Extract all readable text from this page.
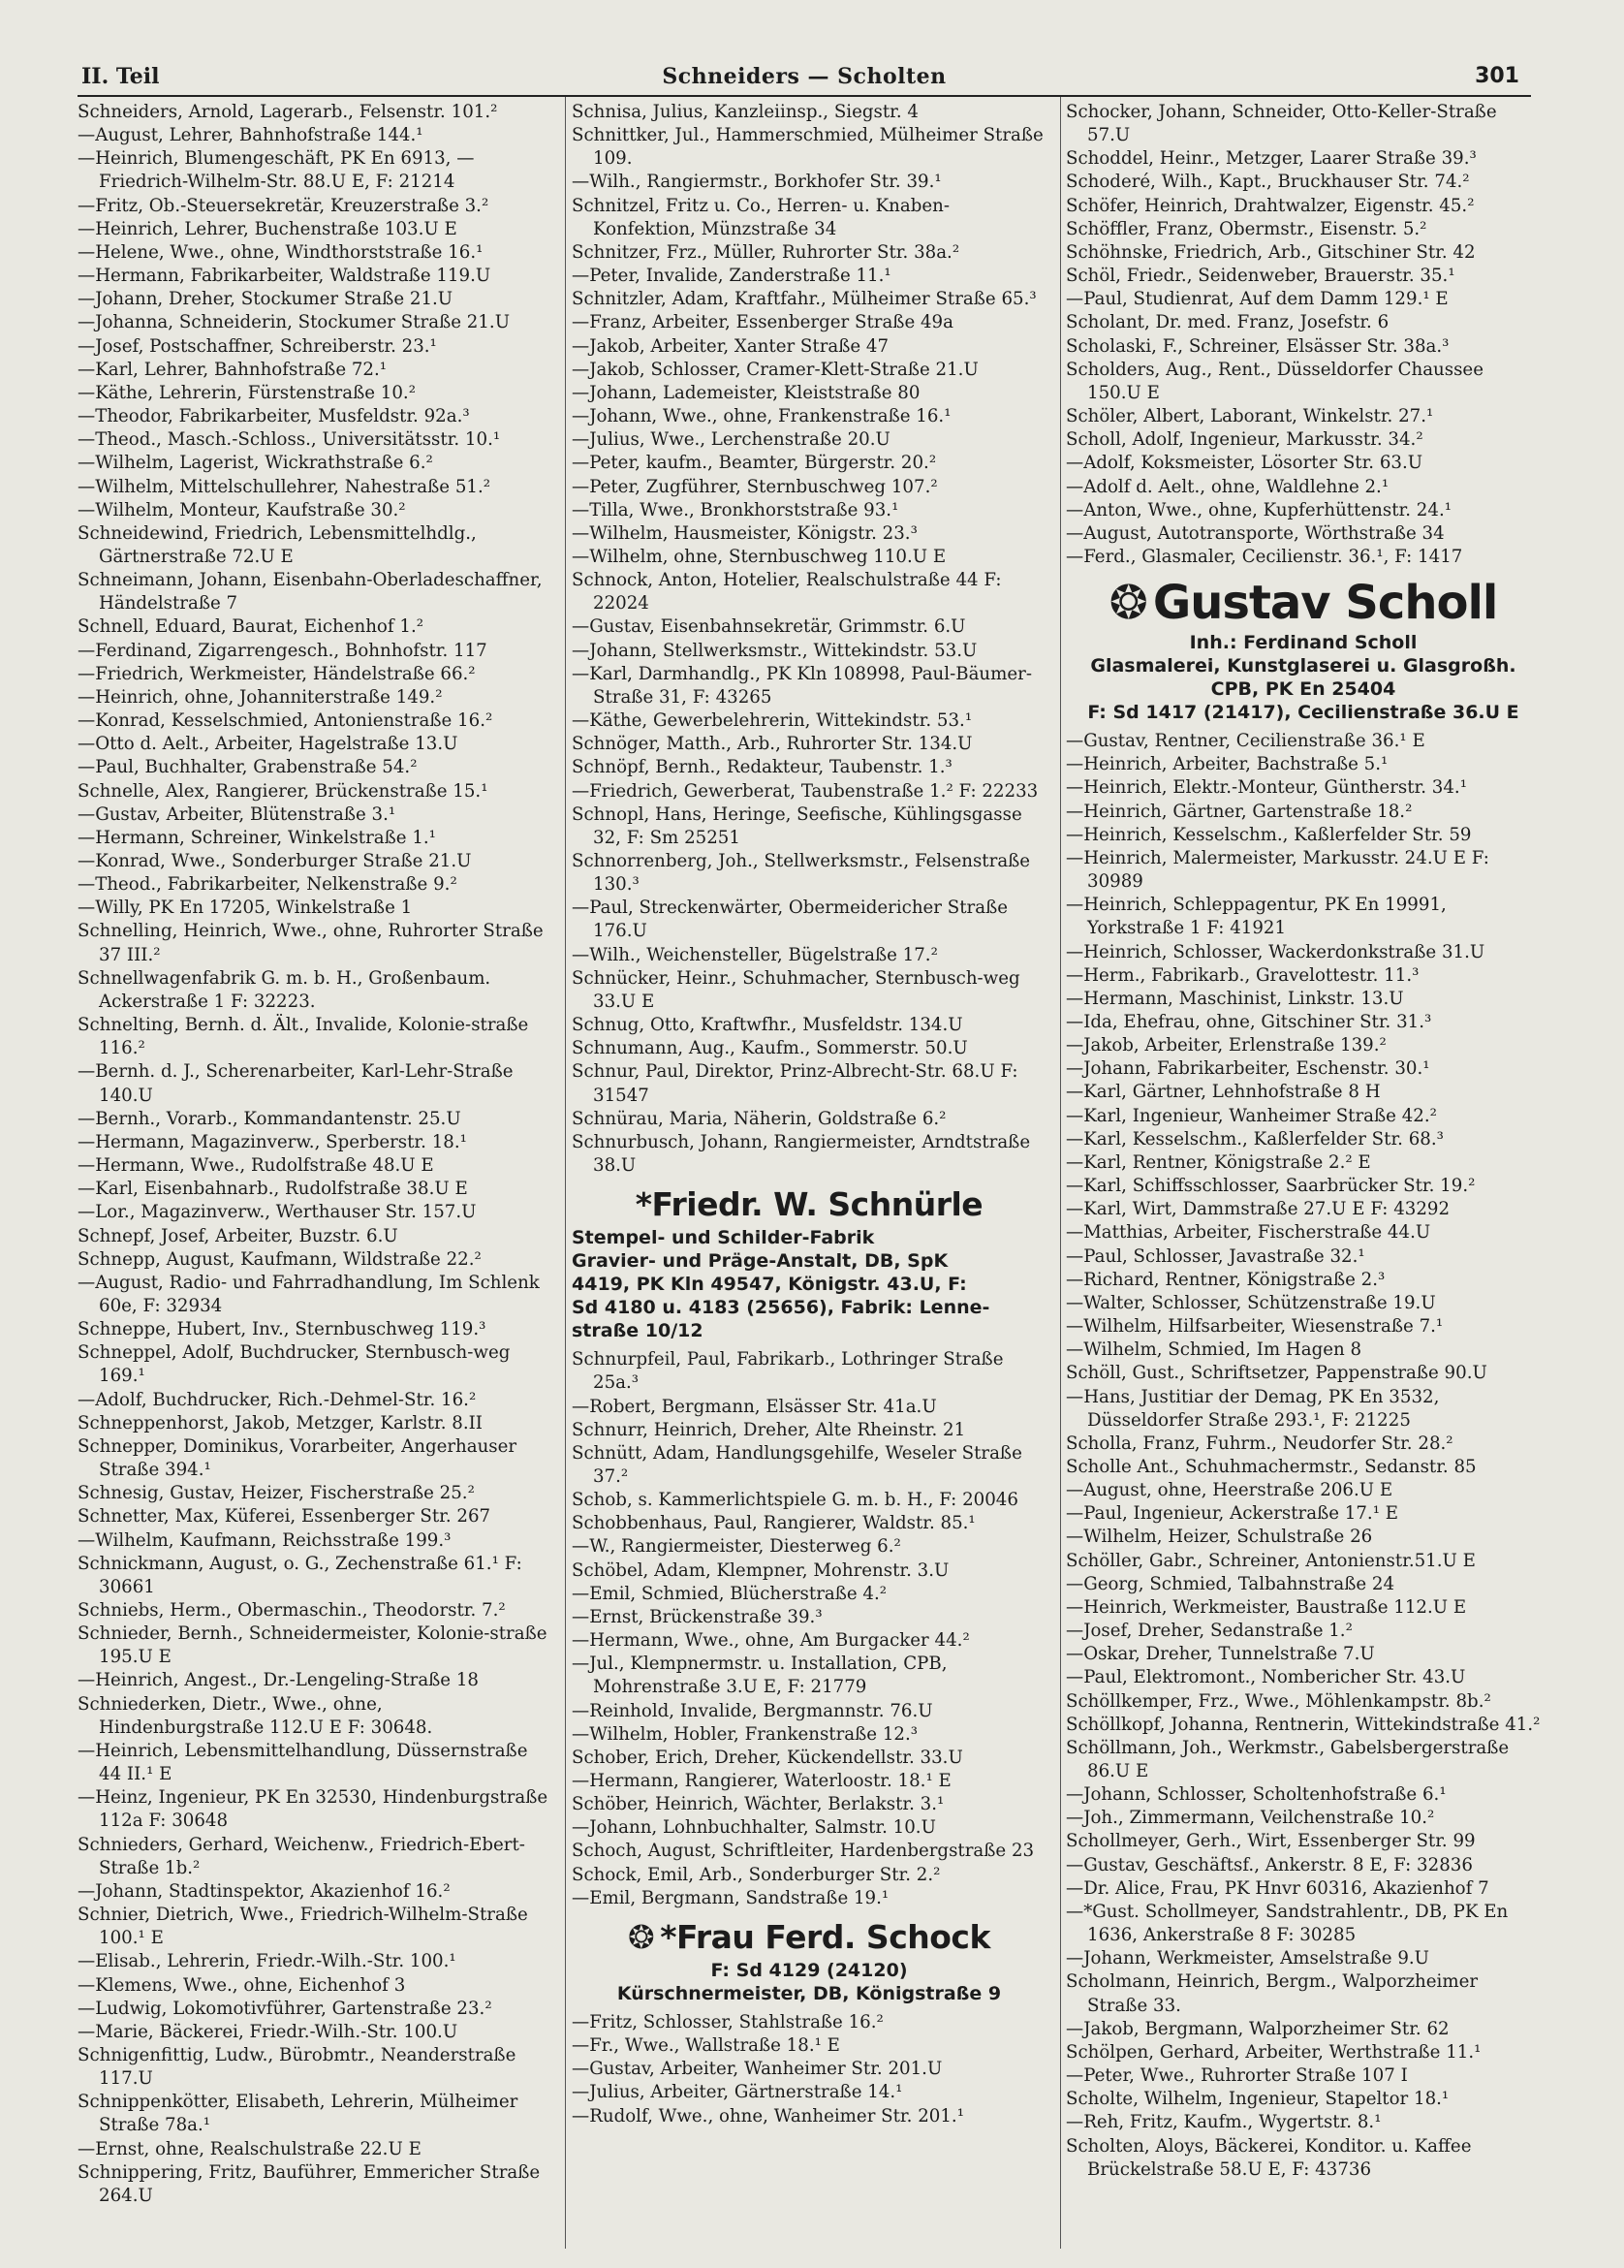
II. Teil	Schneiders — Scholten	301
Schneiders, Arnold, Lagerarb., Felsenstr. 101.²
—August, Lehrer, Bahnhofstraße 144.¹
—Heinrich, Blumengeschäft, PK En 6913, —Friedrich-Wilhelm-Str. 88.U E, F: 21214
—Fritz, Ob.-Steuersekretär, Kreuzerstraße 3.²
—Heinrich, Lehrer, Buchenstraße 103.U E
—Helene, Wwe., ohne, Windthorststraße 16.¹
—Hermann, Fabrikarbeiter, Waldstraße 119.U
—Johann, Dreher, Stockumer Straße 21.U
—Johanna, Schneiderin, Stockumer Straße 21.U
—Josef, Postschaffner, Schreiberstr. 23.¹
—Karl, Lehrer, Bahnhofstraße 72.¹
—Käthe, Lehrerin, Fürstenstraße 10.²
—Theodor, Fabrikarbeiter, Musfeldstr. 92a.³
—Theod., Masch.-Schloss., Universitätsstr. 10.¹
—Wilhelm, Lagerist, Wickrathstraße 6.²
—Wilhelm, Mittelschullehrer, Nahestraße 51.²
—Wilhelm, Monteur, Kaufstraße 30.²
Schneidewind, Friedrich, Lebensmittelhdlg., Gärtnerstraße 72.U E
Schneimann, Johann, Eisenbahn-Oberladeschaffner, Händelstraße 7
Schnell, Eduard, Baurat, Eichenhof 1.²
—Ferdinand, Zigarrengesch., Bohnhofstr. 117
—Friedrich, Werkmeister, Händelstraße 66.²
—Heinrich, ohne, Johanniterstraße 149.²
—Konrad, Kesselschmied, Antonienstraße 16.²
—Otto d. Aelt., Arbeiter, Hagelstraße 13.U
—Paul, Buchhalter, Grabenstraße 54.²
Schnelle, Alex, Rangierer, Brückenstraße 15.¹
—Gustav, Arbeiter, Blütenstraße 3.¹
—Hermann, Schreiner, Winkelstraße 1.¹
—Konrad, Wwe., Sonderburger Straße 21.U
—Theod., Fabrikarbeiter, Nelkenstraße 9.²
—Willy, PK En 17205, Winkelstraße 1
Schnelling, Heinrich, Wwe., ohne, Ruhrorter Straße 37 III.²
Schnellwagenfabrik G. m. b. H., Großenbaum. Ackerstraße 1 F: 32223.
Schnelting, Bernh. d. Ält., Invalide, Kolonie-straße 116.²
—Bernh. d. J., Scherenarbeiter, Karl-Lehr-Straße 140.U
—Bernh., Vorarb., Kommandantenstr. 25.U
—Hermann, Magazinverw., Sperberstr. 18.¹
—Hermann, Wwe., Rudolfstraße 48.U E
—Karl, Eisenbahnarb., Rudolfstraße 38.U E
—Lor., Magazinverw., Werthauser Str. 157.U
Schnepf, Josef, Arbeiter, Buzstr. 6.U
Schnepp, August, Kaufmann, Wildstraße 22.²
—August, Radio- und Fahrradhandlung, Im Schlenk 60e, F: 32934
Schneppe, Hubert, Inv., Sternbuschweg 119.³
Schneppel, Adolf, Buchdrucker, Sternbusch-weg 169.¹
—Adolf, Buchdrucker, Rich.-Dehmel-Str. 16.²
Schneppenhorst, Jakob, Metzger, Karlstr. 8.II
Schnepper, Dominikus, Vorarbeiter, Angerhauser Straße 394.¹
Schnesig, Gustav, Heizer, Fischerstraße 25.²
Schnetter, Max, Küferei, Essenberger Str. 267
—Wilhelm, Kaufmann, Reichsstraße 199.³
Schnickmann, August, o. G., Zechenstraße 61.¹ F: 30661
Schniebs, Herm., Obermaschin., Theodorstr. 7.²
Schnieder, Bernh., Schneidermeister, Kolonie-straße 195.U E
—Heinrich, Angest., Dr.-Lengeling-Straße 18
Schniederken, Dietr., Wwe., ohne, Hindenburgstraße 112.U E F: 30648.
—Heinrich, Lebensmittelhandlung, Düssernstraße 44 II.¹ E
—Heinz, Ingenieur, PK En 32530, Hindenburgstraße 112a F: 30648
Schnieders, Gerhard, Weichenw., Friedrich-Ebert-Straße 1b.²
—Johann, Stadtinspektor, Akazienhof 16.²
Schnier, Dietrich, Wwe., Friedrich-Wilhelm-Straße 100.¹ E
—Elisab., Lehrerin, Friedr.-Wilh.-Str. 100.¹
—Klemens, Wwe., ohne, Eichenhof 3
—Ludwig, Lokomotivführer, Gartenstraße 23.²
—Marie, Bäckerei, Friedr.-Wilh.-Str. 100.U
Schnigenfittig, Ludw., Bürobmtr., Neanderstraße 117.U
Schnippenkötter, Elisabeth, Lehrerin, Mülheimer Straße 78a.¹
—Ernst, ohne, Realschulstraße 22.U E
Schnippering, Fritz, Bauführer, Emmericher Straße 264.U
Schnisa, Julius, Kanzleiinsp., Siegstr. 4
Schnittker, Jul., Hammerschmied, Mülheimer Straße 109.
—Wilh., Rangiermstr., Borkhofer Str. 39.¹
Schnitzel, Fritz u. Co., Herren- u. Knaben-Konfektion, Münzstraße 34
Schnitzer, Frz., Müller, Ruhrorter Str. 38a.²
—Peter, Invalide, Zanderstraße 11.¹
Schnitzler, Adam, Kraftfahr., Mülheimer Straße 65.³
—Franz, Arbeiter, Essenberger Straße 49a
—Jakob, Arbeiter, Xanter Straße 47
—Jakob, Schlosser, Cramer-Klett-Straße 21.U
—Johann, Lademeister, Kleiststraße 80
—Johann, Wwe., ohne, Frankenstraße 16.¹
—Julius, Wwe., Lerchenstraße 20.U
—Peter, kaufm., Beamter, Bürgerstr. 20.²
—Peter, Zugführer, Sternbuschweg 107.²
—Tilla, Wwe., Bronkhorststraße 93.¹
—Wilhelm, Hausmeister, Königstr. 23.³
—Wilhelm, ohne, Sternbuschweg 110.U E
Schnock, Anton, Hotelier, Realschulstraße 44 F: 22024
—Gustav, Eisenbahnsekretär, Grimmstr. 6.U
—Johann, Stellwerksmstr., Wittekindstr. 53.U
—Karl, Darmhandlg., PK Kln 108998, Paul-Bäumer-Straße 31, F: 43265
—Käthe, Gewerbelehrerin, Wittekindstr. 53.¹
Schnöger, Matth., Arb., Ruhrorter Str. 134.U
Schnöpf, Bernh., Redakteur, Taubenstr. 1.³
—Friedrich, Gewerberat, Taubenstraße 1.² F: 22233
Schnopl, Hans, Heringe, Seefische, Kühlingsgasse 32, F: Sm 25251
Schnorrenberg, Joh., Stellwerksmstr., Felsenstraße 130.³
—Paul, Streckenwärter, Obermeidericher Straße 176.U
—Wilh., Weichensteller, Bügelstraße 17.²
Schnücker, Heinr., Schuhmacher, Sternbusch-weg 33.U E
Schnug, Otto, Kraftwfhr., Musfeldstr. 134.U
Schnumann, Aug., Kaufm., Sommerstr. 50.U
Schnur, Paul, Direktor, Prinz-Albrecht-Str. 68.U F: 31547
Schnürau, Maria, Näherin, Goldstraße 6.²
Schnurbusch, Johann, Rangiermeister, Arndtstraße 38.U
*Friedr. W. Schnürle
Stempel- und Schilder-Fabrik
Gravier- und Präge-Anstalt, DB, SpK
4419, PK Kln 49547, Königstr. 43.U, F:
Sd 4180 u. 4183 (25656), Fabrik: Lenne-
straße 10/12
Schnurpfeil, Paul, Fabrikarb., Lothringer Straße 25a.³
—Robert, Bergmann, Elsässer Str. 41a.U
Schnurr, Heinrich, Dreher, Alte Rheinstr. 21
Schnütt, Adam, Handlungsgehilfe, Weseler Straße 37.²
Schob, s. Kammerlichtspiele G. m. b. H., F: 20046
Schobbenhaus, Paul, Rangierer, Waldstr. 85.¹
—W., Rangiermeister, Diesterweg 6.²
Schöbel, Adam, Klempner, Mohrenstr. 3.U
—Emil, Schmied, Blücherstraße 4.²
—Ernst, Brückenstraße 39.³
—Hermann, Wwe., ohne, Am Burgacker 44.²
—Jul., Klempnermstr. u. Installation, CPB, Mohrenstraße 3.U E, F: 21779
—Reinhold, Invalide, Bergmannstr. 76.U
—Wilhelm, Hobler, Frankenstraße 12.³
Schober, Erich, Dreher, Kückendellstr. 33.U
—Hermann, Rangierer, Waterloostr. 18.¹ E
Schöber, Heinrich, Wächter, Berlakstr. 3.¹
—Johann, Lohnbuchhalter, Salmstr. 10.U
Schoch, August, Schriftleiter, Hardenbergstraße 23
Schock, Emil, Arb., Sonderburger Str. 2.²
—Emil, Bergmann, Sandstraße 19.¹
❂ *Frau Ferd. Schock
F: Sd 4129 (24120)
Kürschnermeister, DB, Königstraße 9
—Fritz, Schlosser, Stahlstraße 16.²
—Fr., Wwe., Wallstraße 18.¹ E
—Gustav, Arbeiter, Wanheimer Str. 201.U
—Julius, Arbeiter, Gärtnerstraße 14.¹
—Rudolf, Wwe., ohne, Wanheimer Str. 201.¹
Schocker, Johann, Schneider, Otto-Keller-Straße 57.U
Schoddel, Heinr., Metzger, Laarer Straße 39.³
Schoderé, Wilh., Kapt., Bruckhauser Str. 74.²
Schöfer, Heinrich, Drahtwalzer, Eigenstr. 45.²
Schöffler, Franz, Obermstr., Eisenstr. 5.²
Schöhnske, Friedrich, Arb., Gitschiner Str. 42
Schöl, Friedr., Seidenweber, Brauerstr. 35.¹
—Paul, Studienrat, Auf dem Damm 129.¹ E
Scholant, Dr. med. Franz, Josefstr. 6
Scholaski, F., Schreiner, Elsässer Str. 38a.³
Scholders, Aug., Rent., Düsseldorfer Chaussee 150.U E
Schöler, Albert, Laborant, Winkelstr. 27.¹
Scholl, Adolf, Ingenieur, Markusstr. 34.²
—Adolf, Koksmeister, Lösorter Str. 63.U
—Adolf d. Aelt., ohne, Waldlehne 2.¹
—Anton, Wwe., ohne, Kupferhüttenstr. 24.¹
—August, Autotransporte, Wörthstraße 34
—Ferd., Glasmaler, Cecilienstr. 36.¹, F: 1417
❂ Gustav Scholl
Inh.: Ferdinand Scholl
Glasmalerei, Kunstglaserei u. Glasgroßh.
CPB, PK En 25404
F: Sd 1417 (21417), Cecilienstraße 36.U E
—Gustav, Rentner, Cecilienstraße 36.¹ E
—Heinrich, Arbeiter, Bachstraße 5.¹
—Heinrich, Elektr.-Monteur, Güntherstr. 34.¹
—Heinrich, Gärtner, Gartenstraße 18.²
—Heinrich, Kesselschm., Kaßlerfelder Str. 59
—Heinrich, Malermeister, Markusstr. 24.U E F: 30989
—Heinrich, Schleppagentur, PK En 19991, Yorkstraße 1 F: 41921
—Heinrich, Schlosser, Wackerdonkstraße 31.U
—Herm., Fabrikarb., Gravelottestr. 11.³
—Hermann, Maschinist, Linkstr. 13.U
—Ida, Ehefrau, ohne, Gitschiner Str. 31.³
—Jakob, Arbeiter, Erlenstraße 139.²
—Johann, Fabrikarbeiter, Eschenstr. 30.¹
—Karl, Gärtner, Lehnhofstraße 8 H
—Karl, Ingenieur, Wanheimer Straße 42.²
—Karl, Kesselschm., Kaßlerfelder Str. 68.³
—Karl, Rentner, Königstraße 2.² E
—Karl, Schiffsschlosser, Saarbrücker Str. 19.²
—Karl, Wirt, Dammstraße 27.U E F: 43292
—Matthias, Arbeiter, Fischerstraße 44.U
—Paul, Schlosser, Javastraße 32.¹
—Richard, Rentner, Königstraße 2.³
—Walter, Schlosser, Schützenstraße 19.U
—Wilhelm, Hilfsarbeiter, Wiesenstraße 7.¹
—Wilhelm, Schmied, Im Hagen 8
Schöll, Gust., Schriftsetzer, Pappenstraße 90.U
—Hans, Justitiar der Demag, PK En 3532, Düsseldorfer Straße 293.¹, F: 21225
Scholla, Franz, Fuhrm., Neudorfer Str. 28.²
Scholle Ant., Schuhmachermstr., Sedanstr. 85
—August, ohne, Heerstraße 206.U E
—Paul, Ingenieur, Ackerstraße 17.¹ E
—Wilhelm, Heizer, Schulstraße 26
Schöller, Gabr., Schreiner, Antonienstr.51.U E
—Georg, Schmied, Talbahnstraße 24
—Heinrich, Werkmeister, Baustraße 112.U E
—Josef, Dreher, Sedanstraße 1.²
—Oskar, Dreher, Tunnelstraße 7.U
—Paul, Elektromont., Nombericher Str. 43.U
Schöllkemper, Frz., Wwe., Möhlenkampstr. 8b.²
Schöllkopf, Johanna, Rentnerin, Wittekindstraße 41.²
Schöllmann, Joh., Werkmstr., Gabelsbergerstraße 86.U E
—Johann, Schlosser, Scholtenhofstraße 6.¹
—Joh., Zimmermann, Veilchenstraße 10.²
Schollmeyer, Gerh., Wirt, Essenberger Str. 99
—Gustav, Geschäftsf., Ankerstr. 8 E, F: 32836
—Dr. Alice, Frau, PK Hnvr 60316, Akazienhof 7
—*Gust. Schollmeyer, Sandstrahlentr., DB, PK En 1636, Ankerstraße 8 F: 30285
—Johann, Werkmeister, Amselstraße 9.U
Scholmann, Heinrich, Bergm., Walporzheimer Straße 33.
—Jakob, Bergmann, Walporzheimer Str. 62
Schölpen, Gerhard, Arbeiter, Werthstraße 11.¹
—Peter, Wwe., Ruhrorter Straße 107 I
Scholte, Wilhelm, Ingenieur, Stapeltor 18.¹
—Reh, Fritz, Kaufm., Wygertstr. 8.¹
Scholten, Aloys, Bäckerei, Konditor. u. Kaffee Brückelstraße 58.U E, F: 43736
